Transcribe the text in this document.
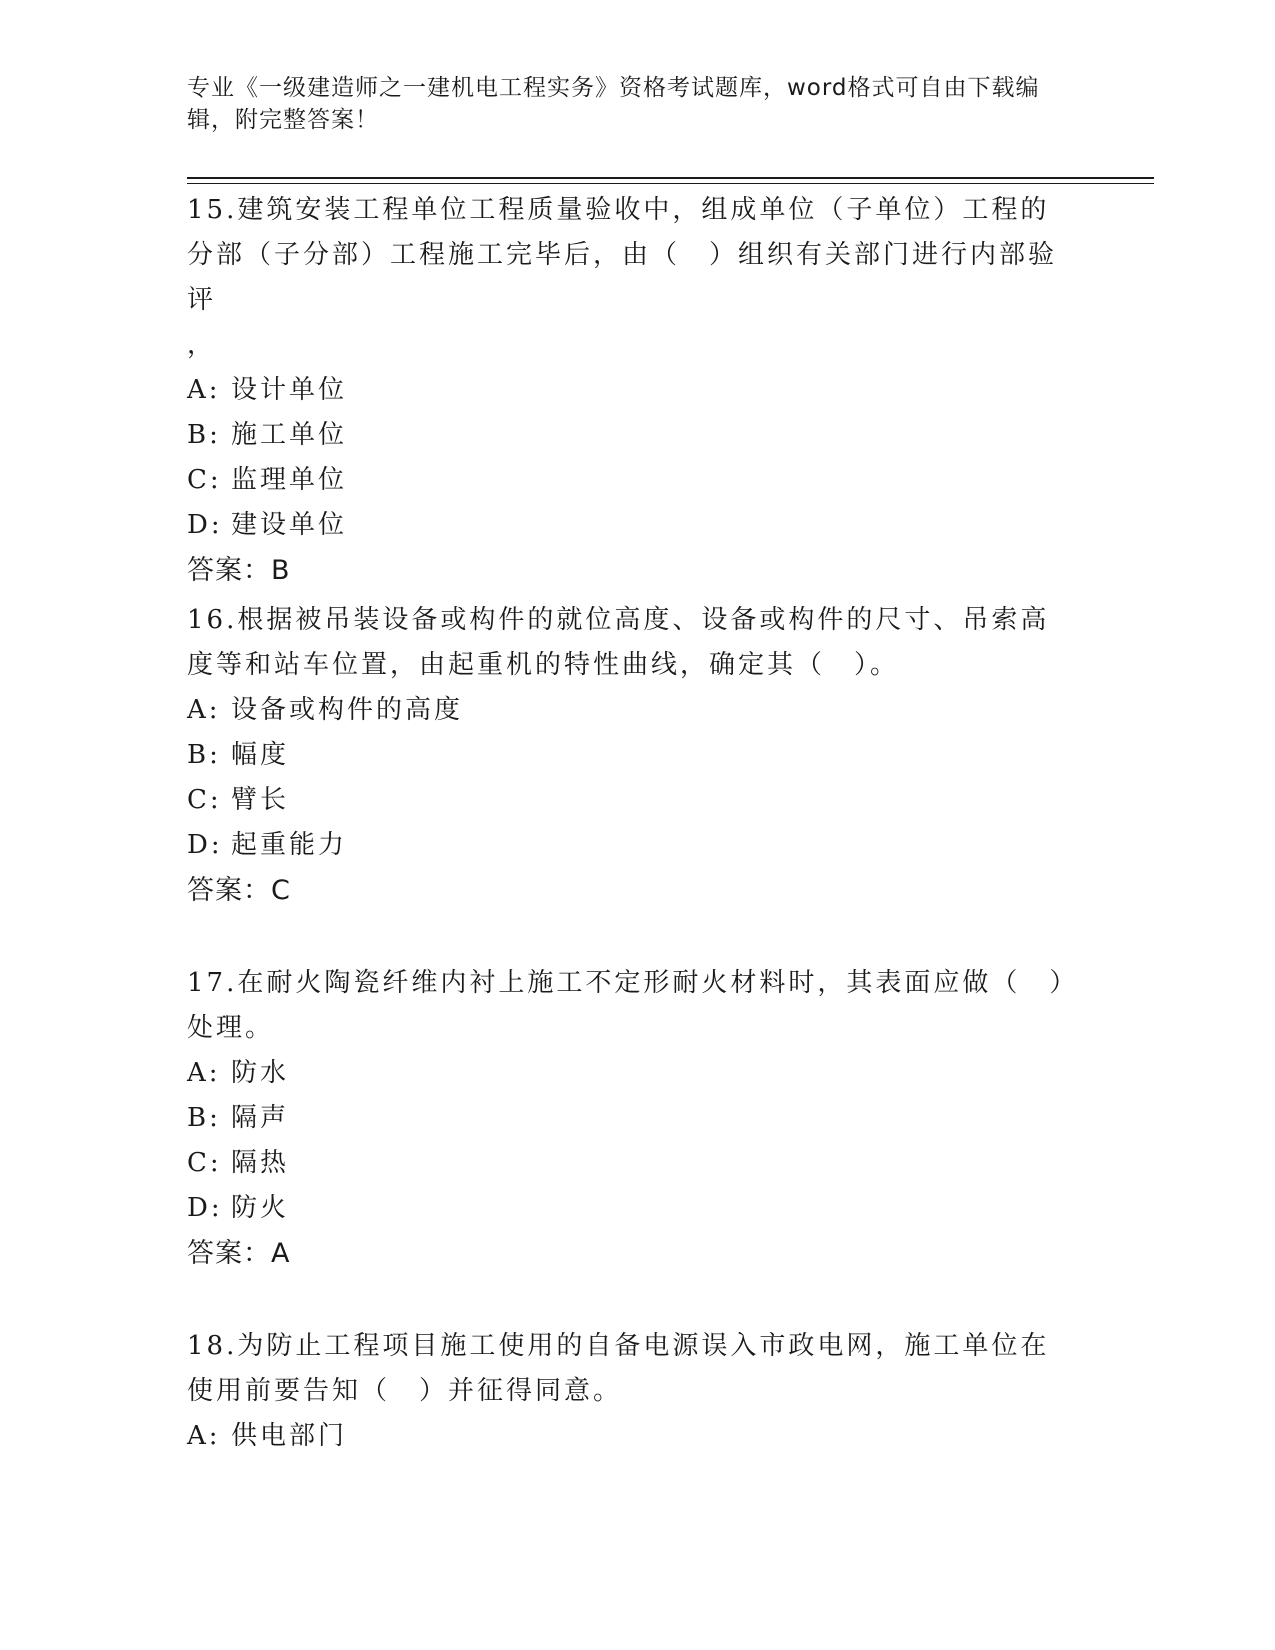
专业《一级建造师之一建机电工程实务》资格考试题库，word格式可自由下载编辑，附完整答案！

15.建筑安装工程单位工程质量验收中，组成单位（子单位）工程的分部（子分部）工程施工完毕后，由（　）组织有关部门进行内部验评

，

A: 设计单位

B: 施工单位

C: 监理单位

D: 建设单位

答案：B

16.根据被吊装设备或构件的就位高度、设备或构件的尺寸、吊索高度等和站车位置，由起重机的特性曲线，确定其（　）。

A: 设备或构件的高度

B: 幅度

C: 臂长

D: 起重能力

答案：C

17.在耐火陶瓷纤维内衬上施工不定形耐火材料时，其表面应做（　）处理。

A: 防水

B: 隔声

C: 隔热

D: 防火

答案：A

18.为防止工程项目施工使用的自备电源误入市政电网，施工单位在使用前要告知（　）并征得同意。

A: 供电部门
